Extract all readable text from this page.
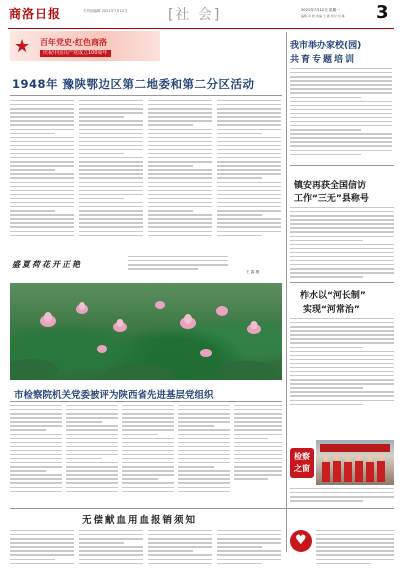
商洛日报	专刊部编辑 2021年7月12日	[社 会]	2021年7月12日 星期一
编辑 卓 晓 美编 王 婕 校对 刘 琳 3
★	百年党史·红色商洛
庆祝中国共产党成立100周年
1948年 豫陕鄂边区第二地委和第二分区活动
我市举办家校(园)
共育专题培训
镇安再获全国信访
工作“三无”县称号
柞水以“河长制”
实现“河常治”
盛夏荷花开正艳
王 露 摄
市检察院机关党委被评为陕西省先进基层党组织
检察之窗
无偿献血用血报销须知
♥
